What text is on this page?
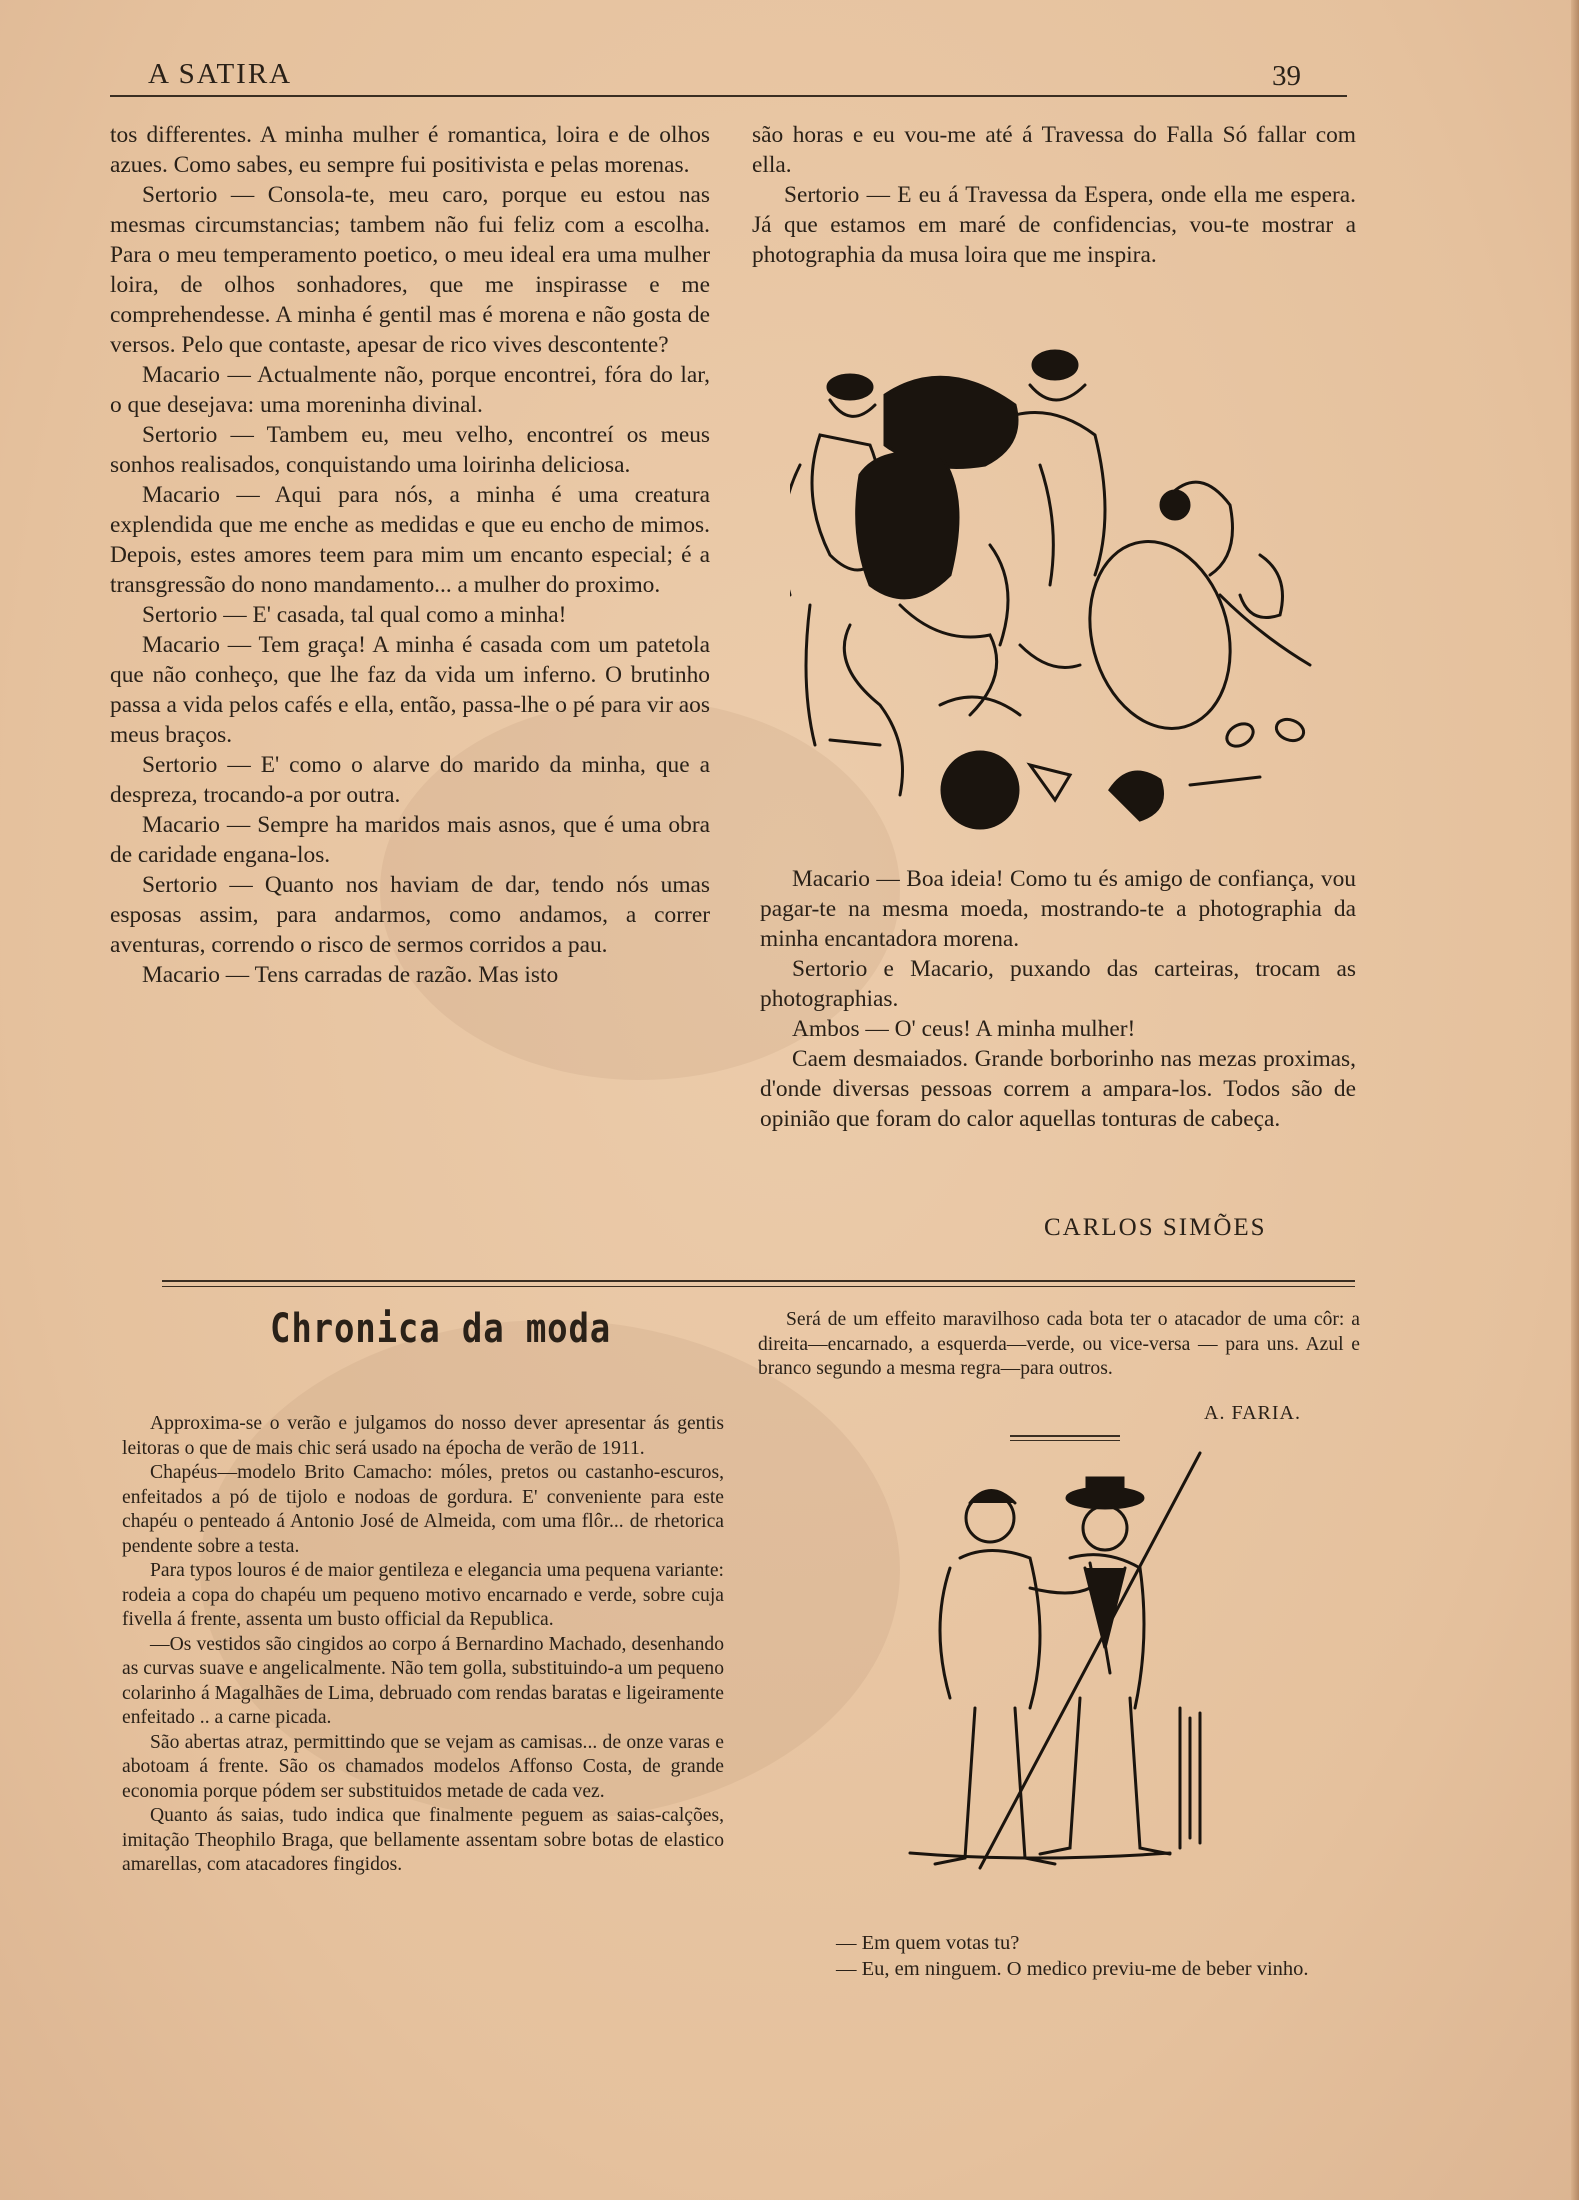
A SATIRA	39

tos differentes. A minha mulher é romantica, loira e de olhos azues. Como sabes, eu sempre fui positivista e pelas morenas.

Sertorio — Consola-te, meu caro, porque eu estou nas mesmas circumstancias; tambem não fui feliz com a escolha. Para o meu temperamento poetico, o meu ideal era uma mulher loira, de olhos sonhadores, que me inspirasse e me comprehendesse. A minha é gentil mas é morena e não gosta de versos. Pelo que contaste, apesar de rico vives descontente?

Macario — Actualmente não, porque encontrei, fóra do lar, o que desejava: uma moreninha divinal.

Sertorio — Tambem eu, meu velho, encontreí os meus sonhos realisados, conquistando uma loirinha deliciosa.

Macario — Aqui para nós, a minha é uma creatura explendida que me enche as medidas e que eu encho de mimos. Depois, estes amores teem para mim um encanto especial; é a transgressão do nono mandamento... a mulher do proximo.

Sertorio — E' casada, tal qual como a minha!

Macario — Tem graça! A minha é casada com um patetola que não conheço, que lhe faz da vida um inferno. O brutinho passa a vida pelos cafés e ella, então, passa-lhe o pé para vir aos meus braços.

Sertorio — E' como o alarve do marido da minha, que a despreza, trocando-a por outra.

Macario — Sempre ha maridos mais asnos, que é uma obra de caridade engana-los.

Sertorio — Quanto nos haviam de dar, tendo nós umas esposas assim, para andarmos, como andamos, a correr aventuras, correndo o risco de sermos corridos a pau.

Macario — Tens carradas de razão. Mas isto

são horas e eu vou-me até á Travessa do Falla Só fallar com ella.

Sertorio — E eu á Travessa da Espera, onde ella me espera. Já que estamos em maré de confidencias, vou-te mostrar a photographia da musa loira que me inspira.

Macario — Boa ideia! Como tu és amigo de confiança, vou pagar-te na mesma moeda, mostrando-te a photographia da minha encantadora morena.

Sertorio e Macario, puxando das carteiras, trocam as photographias.

Ambos — O' ceus! A minha mulher!

Caem desmaiados. Grande borborinho nas mezas proximas, d'onde diversas pessoas correm a ampara-los. Todos são de opinião que foram do calor aquellas tonturas de cabeça.

CARLOS SIMÕES
Chronica da moda

Approxima-se o verão e julgamos do nosso dever apresentar ás gentis leitoras o que de mais chic será usado na épocha de verão de 1911.

Chapéus—modelo Brito Camacho: móles, pretos ou castanho-escuros, enfeitados a pó de tijolo e nodoas de gordura. E' conveniente para este chapéu o penteado á Antonio José de Almeida, com uma flôr... de rhetorica pendente sobre a testa.

Para typos louros é de maior gentileza e elegancia uma pequena variante: rodeia a copa do chapéu um pequeno motivo encarnado e verde, sobre cuja fivella á frente, assenta um busto official da Republica.

—Os vestidos são cingidos ao corpo á Bernardino Machado, desenhando as curvas suave e angelicalmente. Não tem golla, substituindo-a um pequeno colarinho á Magalhães de Lima, debruado com rendas baratas e ligeiramente enfeitado .. a carne picada.

São abertas atraz, permittindo que se vejam as camisas... de onze varas e abotoam á frente. São os chamados modelos Affonso Costa, de grande economia porque pódem ser substituidos metade de cada vez.

Quanto ás saias, tudo indica que finalmente peguem as saias-calções, imitação Theophilo Braga, que bellamente assentam sobre botas de elastico amarellas, com atacadores fingidos.

Será de um effeito maravilhoso cada bota ter o atacador de uma côr: a direita—encarnado, a esquerda—verde, ou vice-versa — para uns. Azul e branco segundo a mesma regra—para outros.

A. FARIA.

— Em quem votas tu?

— Eu, em ninguem. O medico previu-me de beber vinho.
